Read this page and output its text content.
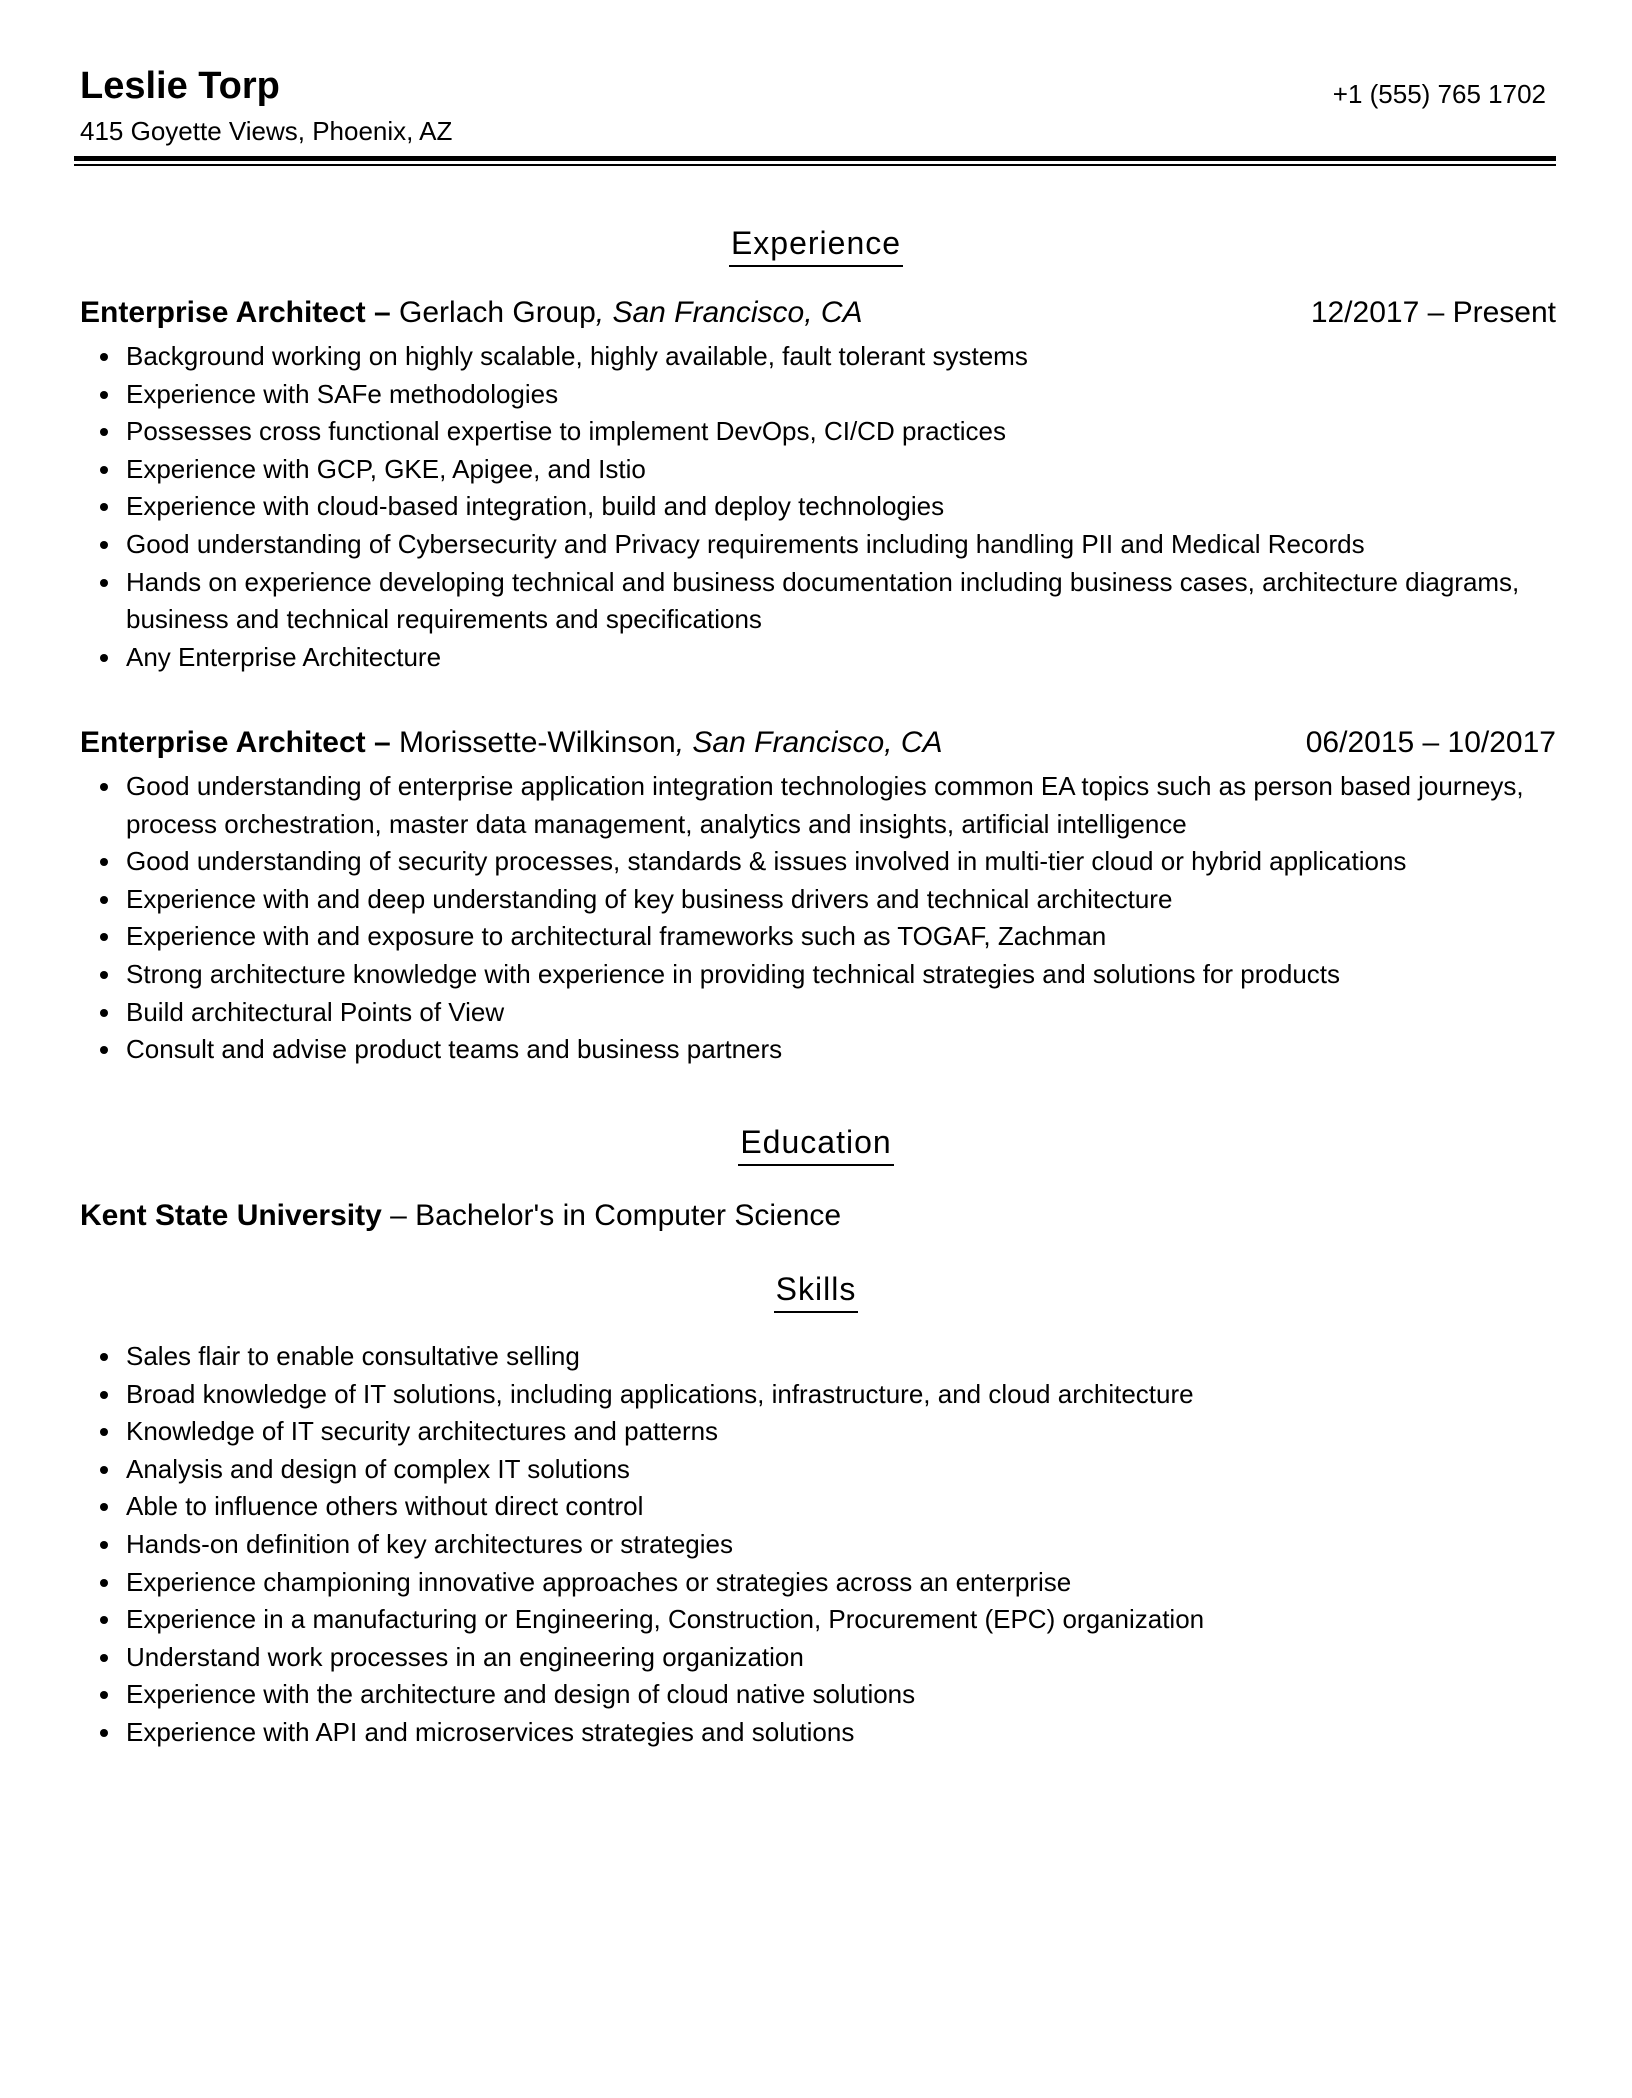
Leslie Torp
415 Goyette Views, Phoenix, AZ
+1 (555) 765 1702
Experience
Enterprise Architect – Gerlach Group, San Francisco, CA	12/2017 – Present
Background working on highly scalable, highly available, fault tolerant systems
Experience with SAFe methodologies
Possesses cross functional expertise to implement DevOps, CI/CD practices
Experience with GCP, GKE, Apigee, and Istio
Experience with cloud-based integration, build and deploy technologies
Good understanding of Cybersecurity and Privacy requirements including handling PII and Medical Records
Hands on experience developing technical and business documentation including business cases, architecture diagrams, business and technical requirements and specifications
Any Enterprise Architecture
Enterprise Architect – Morissette-Wilkinson, San Francisco, CA	06/2015 – 10/2017
Good understanding of enterprise application integration technologies common EA topics such as person based journeys, process orchestration, master data management, analytics and insights, artificial intelligence
Good understanding of security processes, standards & issues involved in multi-tier cloud or hybrid applications
Experience with and deep understanding of key business drivers and technical architecture
Experience with and exposure to architectural frameworks such as TOGAF, Zachman
Strong architecture knowledge with experience in providing technical strategies and solutions for products
Build architectural Points of View
Consult and advise product teams and business partners
Education
Kent State University – Bachelor's in Computer Science
Skills
Sales flair to enable consultative selling
Broad knowledge of IT solutions, including applications, infrastructure, and cloud architecture
Knowledge of IT security architectures and patterns
Analysis and design of complex IT solutions
Able to influence others without direct control
Hands-on definition of key architectures or strategies
Experience championing innovative approaches or strategies across an enterprise
Experience in a manufacturing or Engineering, Construction, Procurement (EPC) organization
Understand work processes in an engineering organization
Experience with the architecture and design of cloud native solutions
Experience with API and microservices strategies and solutions
